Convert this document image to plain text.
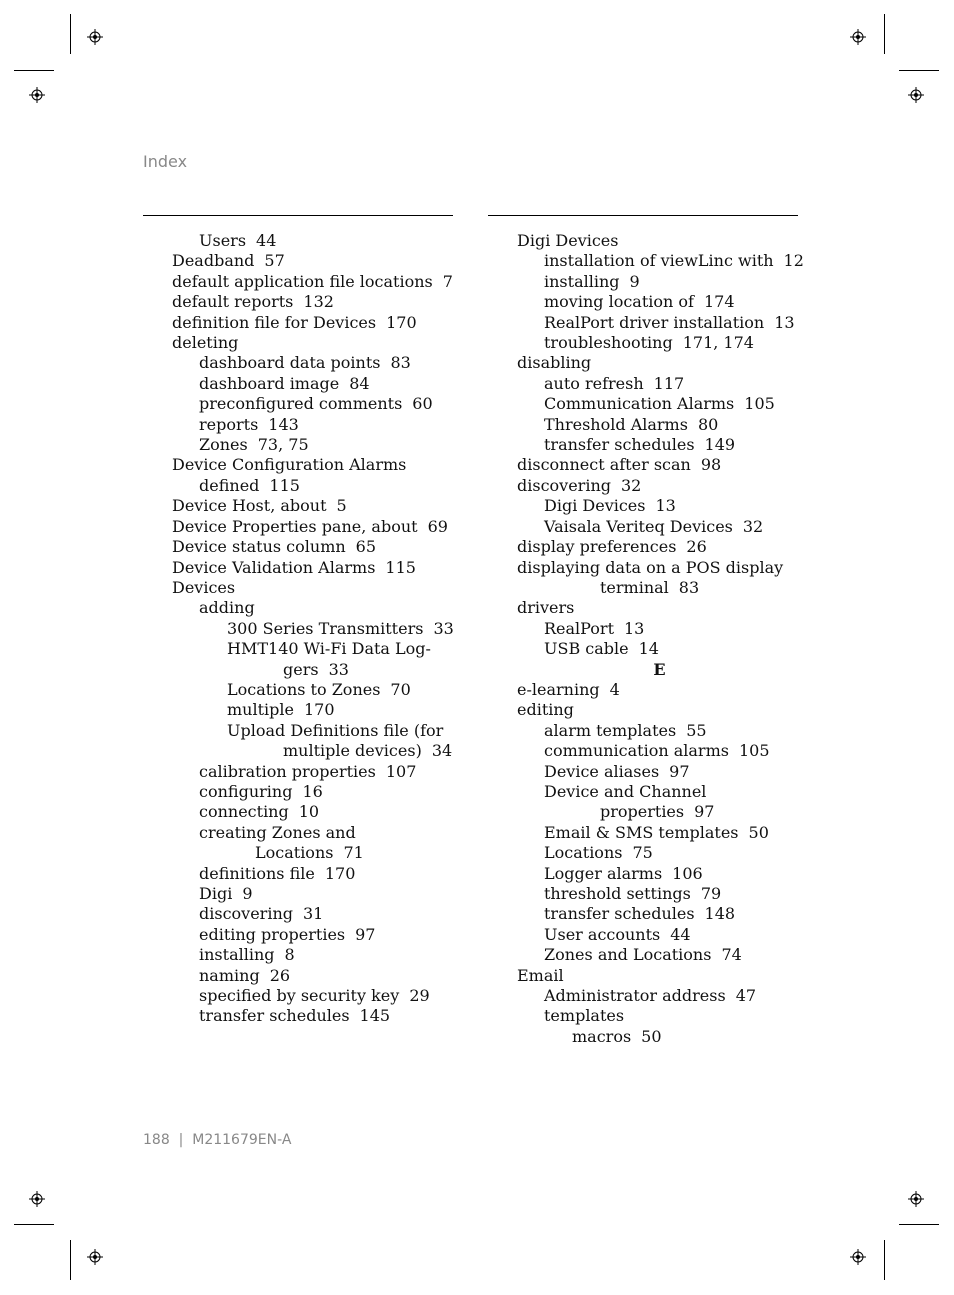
Index
Users 44
Deadband 57
default application file locations 7
default reports 132
definition file for Devices 170
deleting
dashboard data points 83
dashboard image 84
preconfigured comments 60
reports 143
Zones 73, 75
Device Configuration Alarms
defined 115
Device Host, about 5
Device Properties pane, about 69
Device status column 65
Device Validation Alarms 115
Devices
adding
300 Series Transmitters 33
HMT140 Wi-Fi Data Log-
gers 33
Locations to Zones 70
multiple 170
Upload Definitions file (for
multiple devices) 34
calibration properties 107
configuring 16
connecting 10
creating Zones and
Locations 71
definitions file 170
Digi 9
discovering 31
editing properties 97
installing 8
naming 26
specified by security key 29
transfer schedules 145
Digi Devices
installation of viewLinc with 12
installing 9
moving location of 174
RealPort driver installation 13
troubleshooting 171, 174
disabling
auto refresh 117
Communication Alarms 105
Threshold Alarms 80
transfer schedules 149
disconnect after scan 98
discovering 32
Digi Devices 13
Vaisala Veriteq Devices 32
display preferences 26
displaying data on a POS display
terminal 83
drivers
RealPort 13
USB cable 14
E
e-learning 4
editing
alarm templates 55
communication alarms 105
Device aliases 97
Device and Channel
properties 97
Email & SMS templates 50
Locations 75
Logger alarms 106
threshold settings 79
transfer schedules 148
User accounts 44
Zones and Locations 74
Email
Administrator address 47
templates
macros 50
188  |  M211679EN-A
